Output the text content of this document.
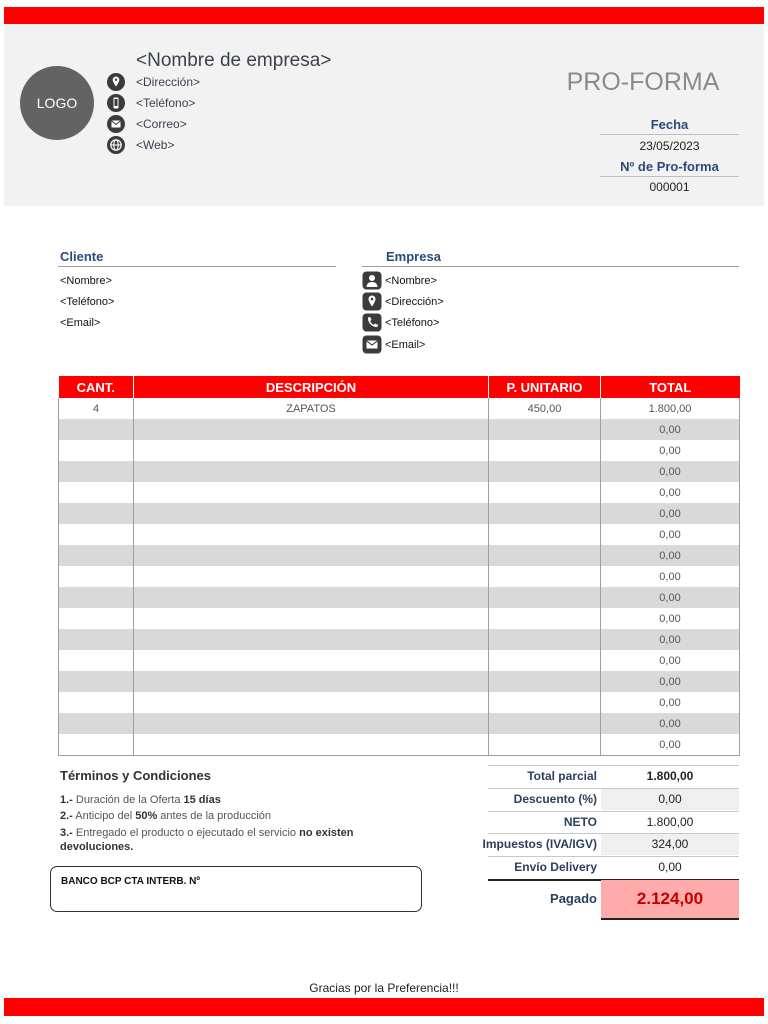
LOGO
<Nombre de empresa>
<Dirección>
<Teléfono>
<Correo>
<Web>
PRO-FORMA
Fecha
23/05/2023
Nº de Pro-forma
000001
Cliente
<Nombre>
<Teléfono>
<Email>
Empresa
<Nombre>
<Dirección>
<Teléfono>
<Email>
CANT.	DESCRIPCIÓN	P. UNITARIO	TOTAL
4	ZAPATOS	450,00	1.800,00
			0,00
			0,00
			0,00
			0,00
			0,00
			0,00
			0,00
			0,00
			0,00
			0,00
			0,00
			0,00
			0,00
			0,00
			0,00
			0,00
Términos y Condiciones
1.- Duración de la Oferta 15 días
2.- Anticipo del 50% antes de la producción
3.- Entregado el producto o ejecutado el servicio no existen devoluciones.
BANCO BCP CTA INTERB. Nº
Total parcial	1.800,00
Descuento (%)	0,00
NETO	1.800,00
Impuestos (IVA/IGV)	324,00
Envío Delivery	0,00
Pagado	2.124,00
Gracias por la Preferencia!!!
